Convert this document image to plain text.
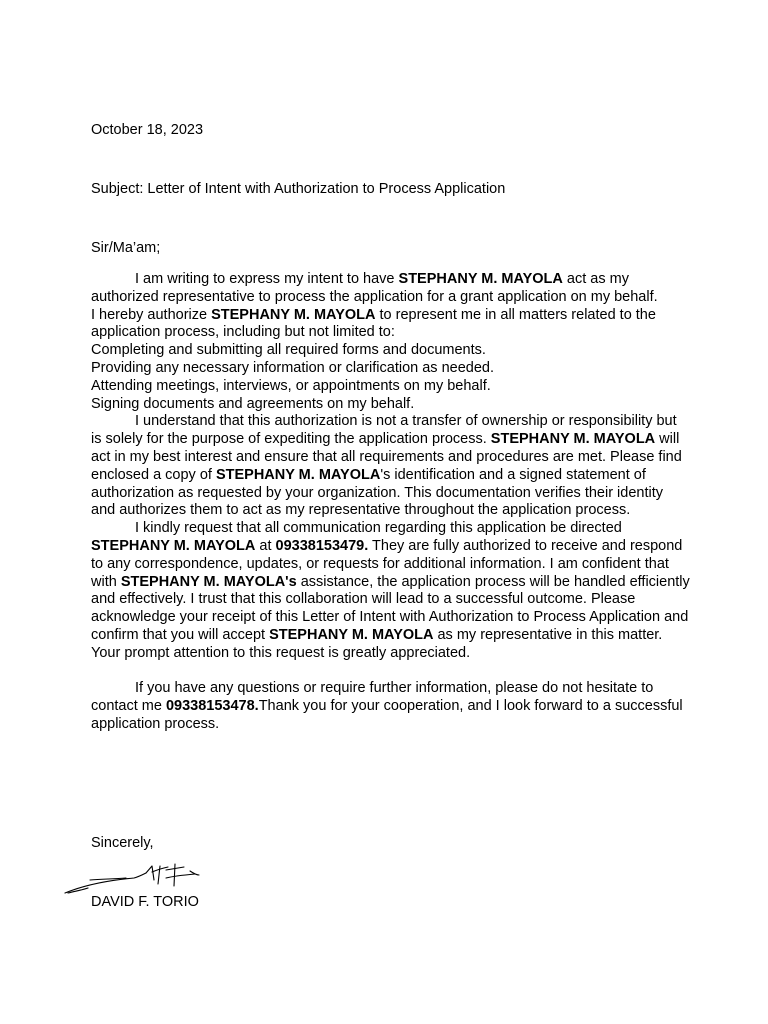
October 18, 2023
Subject: Letter of Intent with Authorization to Process Application
Sir/Ma’am;

I am writing to express my intent to have STEPHANY M. MAYOLA act as my authorized representative to process the application for a grant application on my behalf.

I hereby authorize STEPHANY M. MAYOLA to represent me in all matters related to the application process, including but not limited to:

Completing and submitting all required forms and documents.

Providing any necessary information or clarification as needed.

Attending meetings, interviews, or appointments on my behalf.

Signing documents and agreements on my behalf.

I understand that this authorization is not a transfer of ownership or responsibility but is solely for the purpose of expediting the application process. STEPHANY M. MAYOLA will act in my best interest and ensure that all requirements and procedures are met. Please find enclosed a copy of STEPHANY M. MAYOLA's identification and a signed statement of authorization as requested by your organization. This documentation verifies their identity and authorizes them to act as my representative throughout the application process.

I kindly request that all communication regarding this application be directed STEPHANY M. MAYOLA at 09338153479. They are fully authorized to receive and respond to any correspondence, updates, or requests for additional information. I am confident that with STEPHANY M. MAYOLA's assistance, the application process will be handled efficiently and effectively. I trust that this collaboration will lead to a successful outcome. Please acknowledge your receipt of this Letter of Intent with Authorization to Process Application and confirm that you will accept STEPHANY M. MAYOLA as my representative in this matter. Your prompt attention to this request is greatly appreciated.

If you have any questions or require further information, please do not hesitate to contact me 09338153478.Thank you for your cooperation, and I look forward to a successful application process.

Sincerely,
DAVID F. TORIO
